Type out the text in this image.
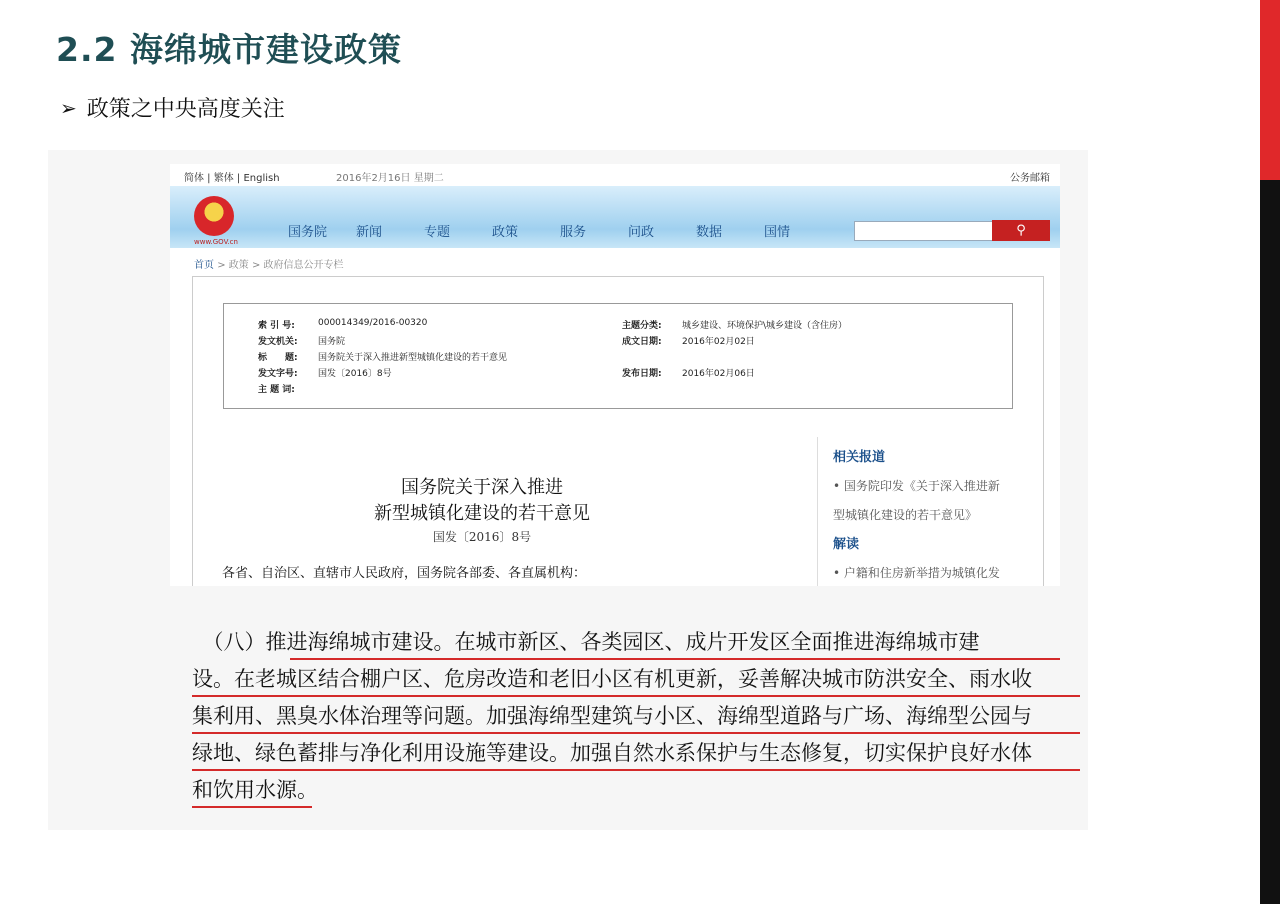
2.2 海绵城市建设政策
➢ 政策之中央高度关注
简体 | 繁体 | English	2016年2月16日 星期二	公务邮箱
www.GOV.cn
国务院	新闻	专题	政策	服务	问政	数据	国情	⚲
首页 > 政策 > 政府信息公开专栏
索 引 号:	000014349/2016-00320	主题分类:	城乡建设、环境保护\城乡建设（含住房）
发文机关:	国务院	成文日期:	2016年02月02日
标　　题:	国务院关于深入推进新型城镇化建设的若干意见
发文字号:	国发〔2016〕8号	发布日期:	2016年02月06日
主 题 词:
相关报道
• 国务院印发《关于深入推进新
型城镇化建设的若干意见》
解读
• 户籍和住房新举措为城镇化发
国务院关于深入推进
新型城镇化建设的若干意见
国发〔2016〕8号
各省、自治区、直辖市人民政府，国务院各部委、各直属机构：
　（八）推进海绵城市建设。在城市新区、各类园区、成片开发区全面推进海绵城市建
设。在老城区结合棚户区、危房改造和老旧小区有机更新，妥善解决城市防洪安全、雨水收
集利用、黑臭水体治理等问题。加强海绵型建筑与小区、海绵型道路与广场、海绵型公园与
绿地、绿色蓄排与净化利用设施等建设。加强自然水系保护与生态修复，切实保护良好水体
和饮用水源。
